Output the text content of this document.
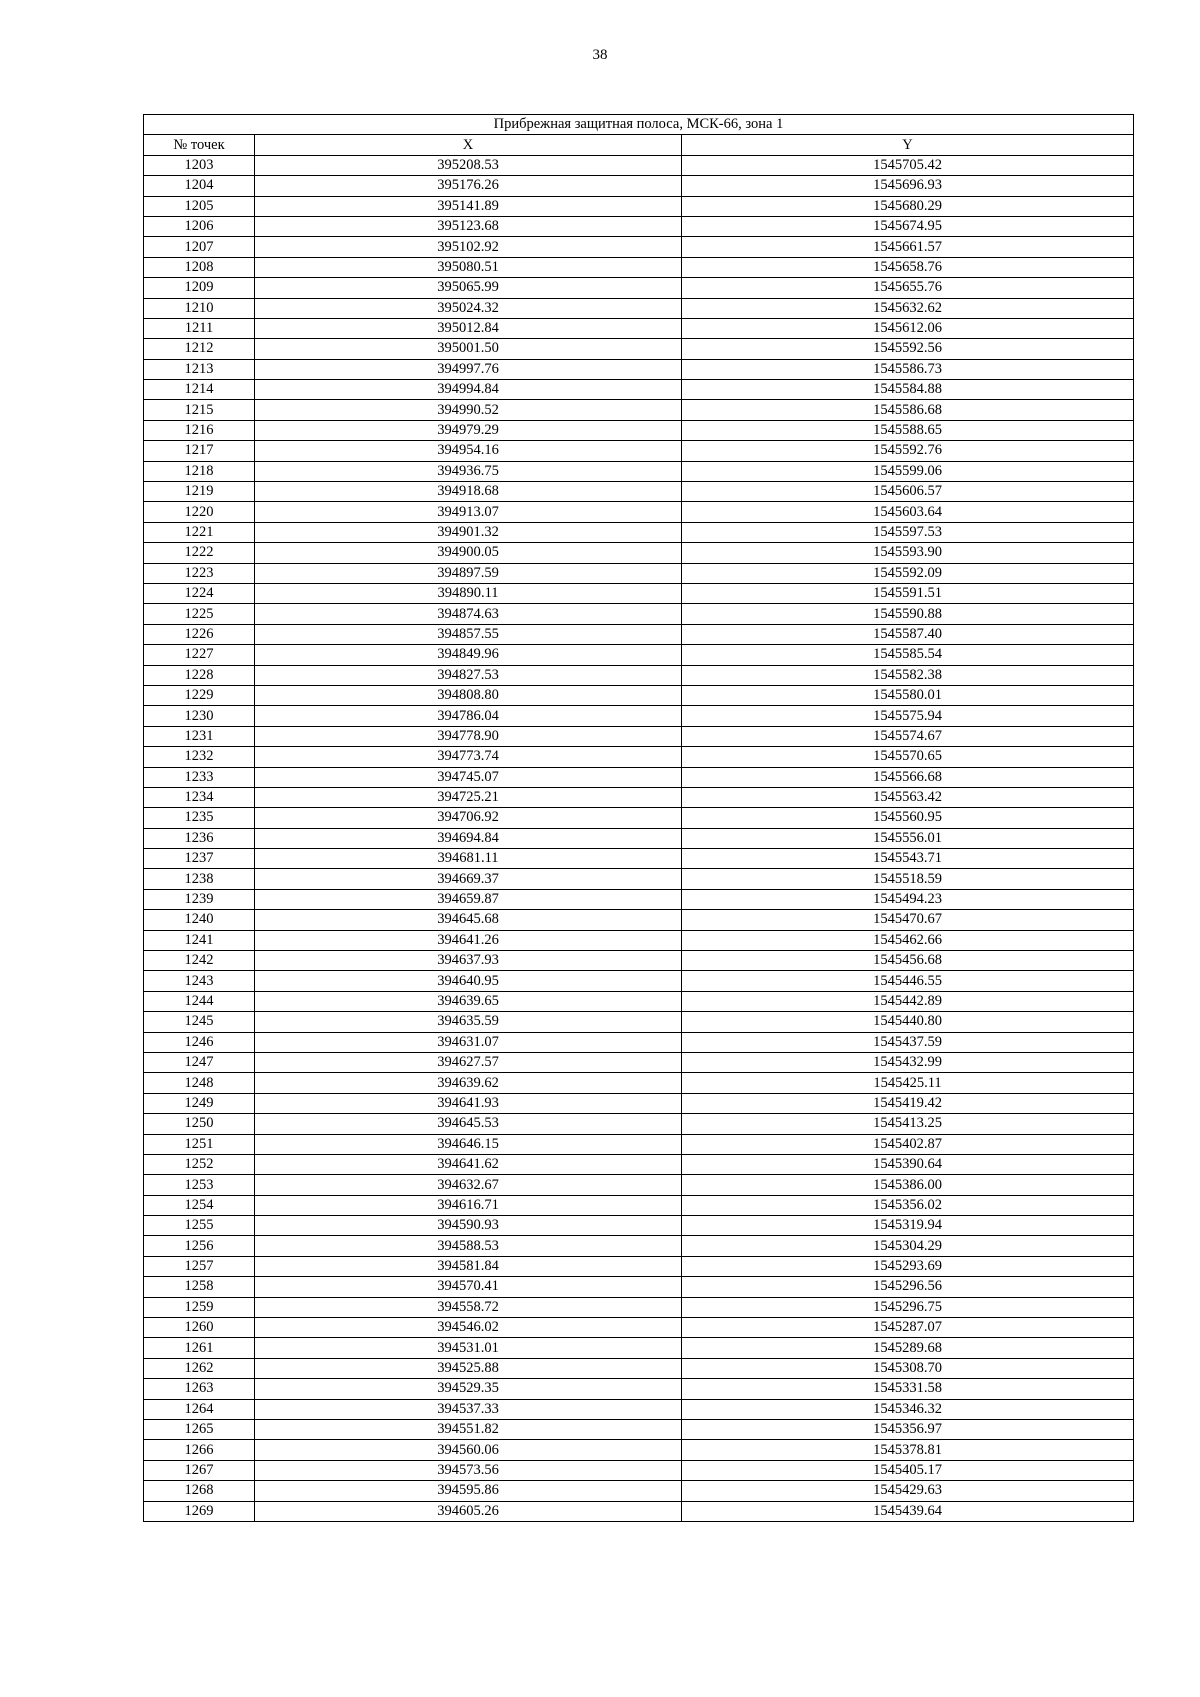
38
Прибрежная защитная полоса, МСК-66, зона 1		
№ точек	X	Y
1203	395208.53	1545705.42
1204	395176.26	1545696.93
1205	395141.89	1545680.29
1206	395123.68	1545674.95
1207	395102.92	1545661.57
1208	395080.51	1545658.76
1209	395065.99	1545655.76
1210	395024.32	1545632.62
1211	395012.84	1545612.06
1212	395001.50	1545592.56
1213	394997.76	1545586.73
1214	394994.84	1545584.88
1215	394990.52	1545586.68
1216	394979.29	1545588.65
1217	394954.16	1545592.76
1218	394936.75	1545599.06
1219	394918.68	1545606.57
1220	394913.07	1545603.64
1221	394901.32	1545597.53
1222	394900.05	1545593.90
1223	394897.59	1545592.09
1224	394890.11	1545591.51
1225	394874.63	1545590.88
1226	394857.55	1545587.40
1227	394849.96	1545585.54
1228	394827.53	1545582.38
1229	394808.80	1545580.01
1230	394786.04	1545575.94
1231	394778.90	1545574.67
1232	394773.74	1545570.65
1233	394745.07	1545566.68
1234	394725.21	1545563.42
1235	394706.92	1545560.95
1236	394694.84	1545556.01
1237	394681.11	1545543.71
1238	394669.37	1545518.59
1239	394659.87	1545494.23
1240	394645.68	1545470.67
1241	394641.26	1545462.66
1242	394637.93	1545456.68
1243	394640.95	1545446.55
1244	394639.65	1545442.89
1245	394635.59	1545440.80
1246	394631.07	1545437.59
1247	394627.57	1545432.99
1248	394639.62	1545425.11
1249	394641.93	1545419.42
1250	394645.53	1545413.25
1251	394646.15	1545402.87
1252	394641.62	1545390.64
1253	394632.67	1545386.00
1254	394616.71	1545356.02
1255	394590.93	1545319.94
1256	394588.53	1545304.29
1257	394581.84	1545293.69
1258	394570.41	1545296.56
1259	394558.72	1545296.75
1260	394546.02	1545287.07
1261	394531.01	1545289.68
1262	394525.88	1545308.70
1263	394529.35	1545331.58
1264	394537.33	1545346.32
1265	394551.82	1545356.97
1266	394560.06	1545378.81
1267	394573.56	1545405.17
1268	394595.86	1545429.63
1269	394605.26	1545439.64
